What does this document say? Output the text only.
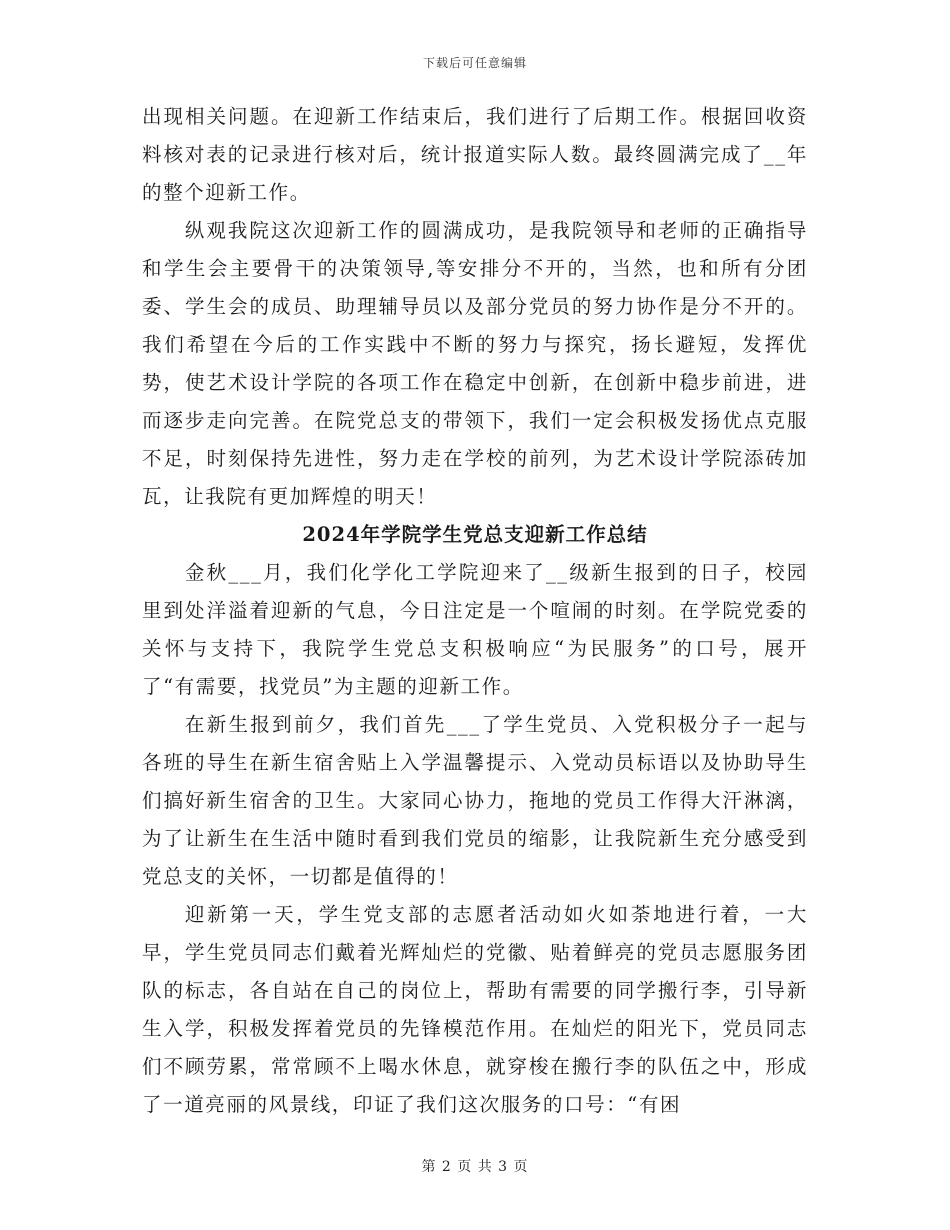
下载后可任意编辑

出现相关问题。在迎新工作结束后，我们进行了后期工作。根据回收资料核对表的记录进行核对后，统计报道实际人数。最终圆满完成了__年的整个迎新工作。

纵观我院这次迎新工作的圆满成功，是我院领导和老师的正确指导和学生会主要骨干的决策领导,等安排分不开的，当然，也和所有分团委、学生会的成员、助理辅导员以及部分党员的努力协作是分不开的。我们希望在今后的工作实践中不断的努力与探究，扬长避短，发挥优势，使艺术设计学院的各项工作在稳定中创新，在创新中稳步前进，进而逐步走向完善。在院党总支的带领下，我们一定会积极发扬优点克服不足，时刻保持先进性，努力走在学校的前列，为艺术设计学院添砖加瓦，让我院有更加辉煌的明天！

2024年学院学生党总支迎新工作总结

金秋___月，我们化学化工学院迎来了__级新生报到的日子，校园里到处洋溢着迎新的气息，今日注定是一个喧闹的时刻。在学院党委的关怀与支持下，我院学生党总支积极响应“为民服务”的口号，展开了“有需要，找党员”为主题的迎新工作。

在新生报到前夕，我们首先___了学生党员、入党积极分子一起与各班的导生在新生宿舍贴上入学温馨提示、入党动员标语以及协助导生们搞好新生宿舍的卫生。大家同心协力，拖地的党员工作得大汗淋漓，为了让新生在生活中随时看到我们党员的缩影，让我院新生充分感受到党总支的关怀，一切都是值得的！

迎新第一天，学生党支部的志愿者活动如火如荼地进行着，一大早，学生党员同志们戴着光辉灿烂的党徽、贴着鲜亮的党员志愿服务团队的标志，各自站在自己的岗位上，帮助有需要的同学搬行李，引导新生入学，积极发挥着党员的先锋模范作用。在灿烂的阳光下，党员同志们不顾劳累，常常顾不上喝水休息，就穿梭在搬行李的队伍之中，形成了一道亮丽的风景线，印证了我们这次服务的口号：“有困

第 2 页 共 3 页
